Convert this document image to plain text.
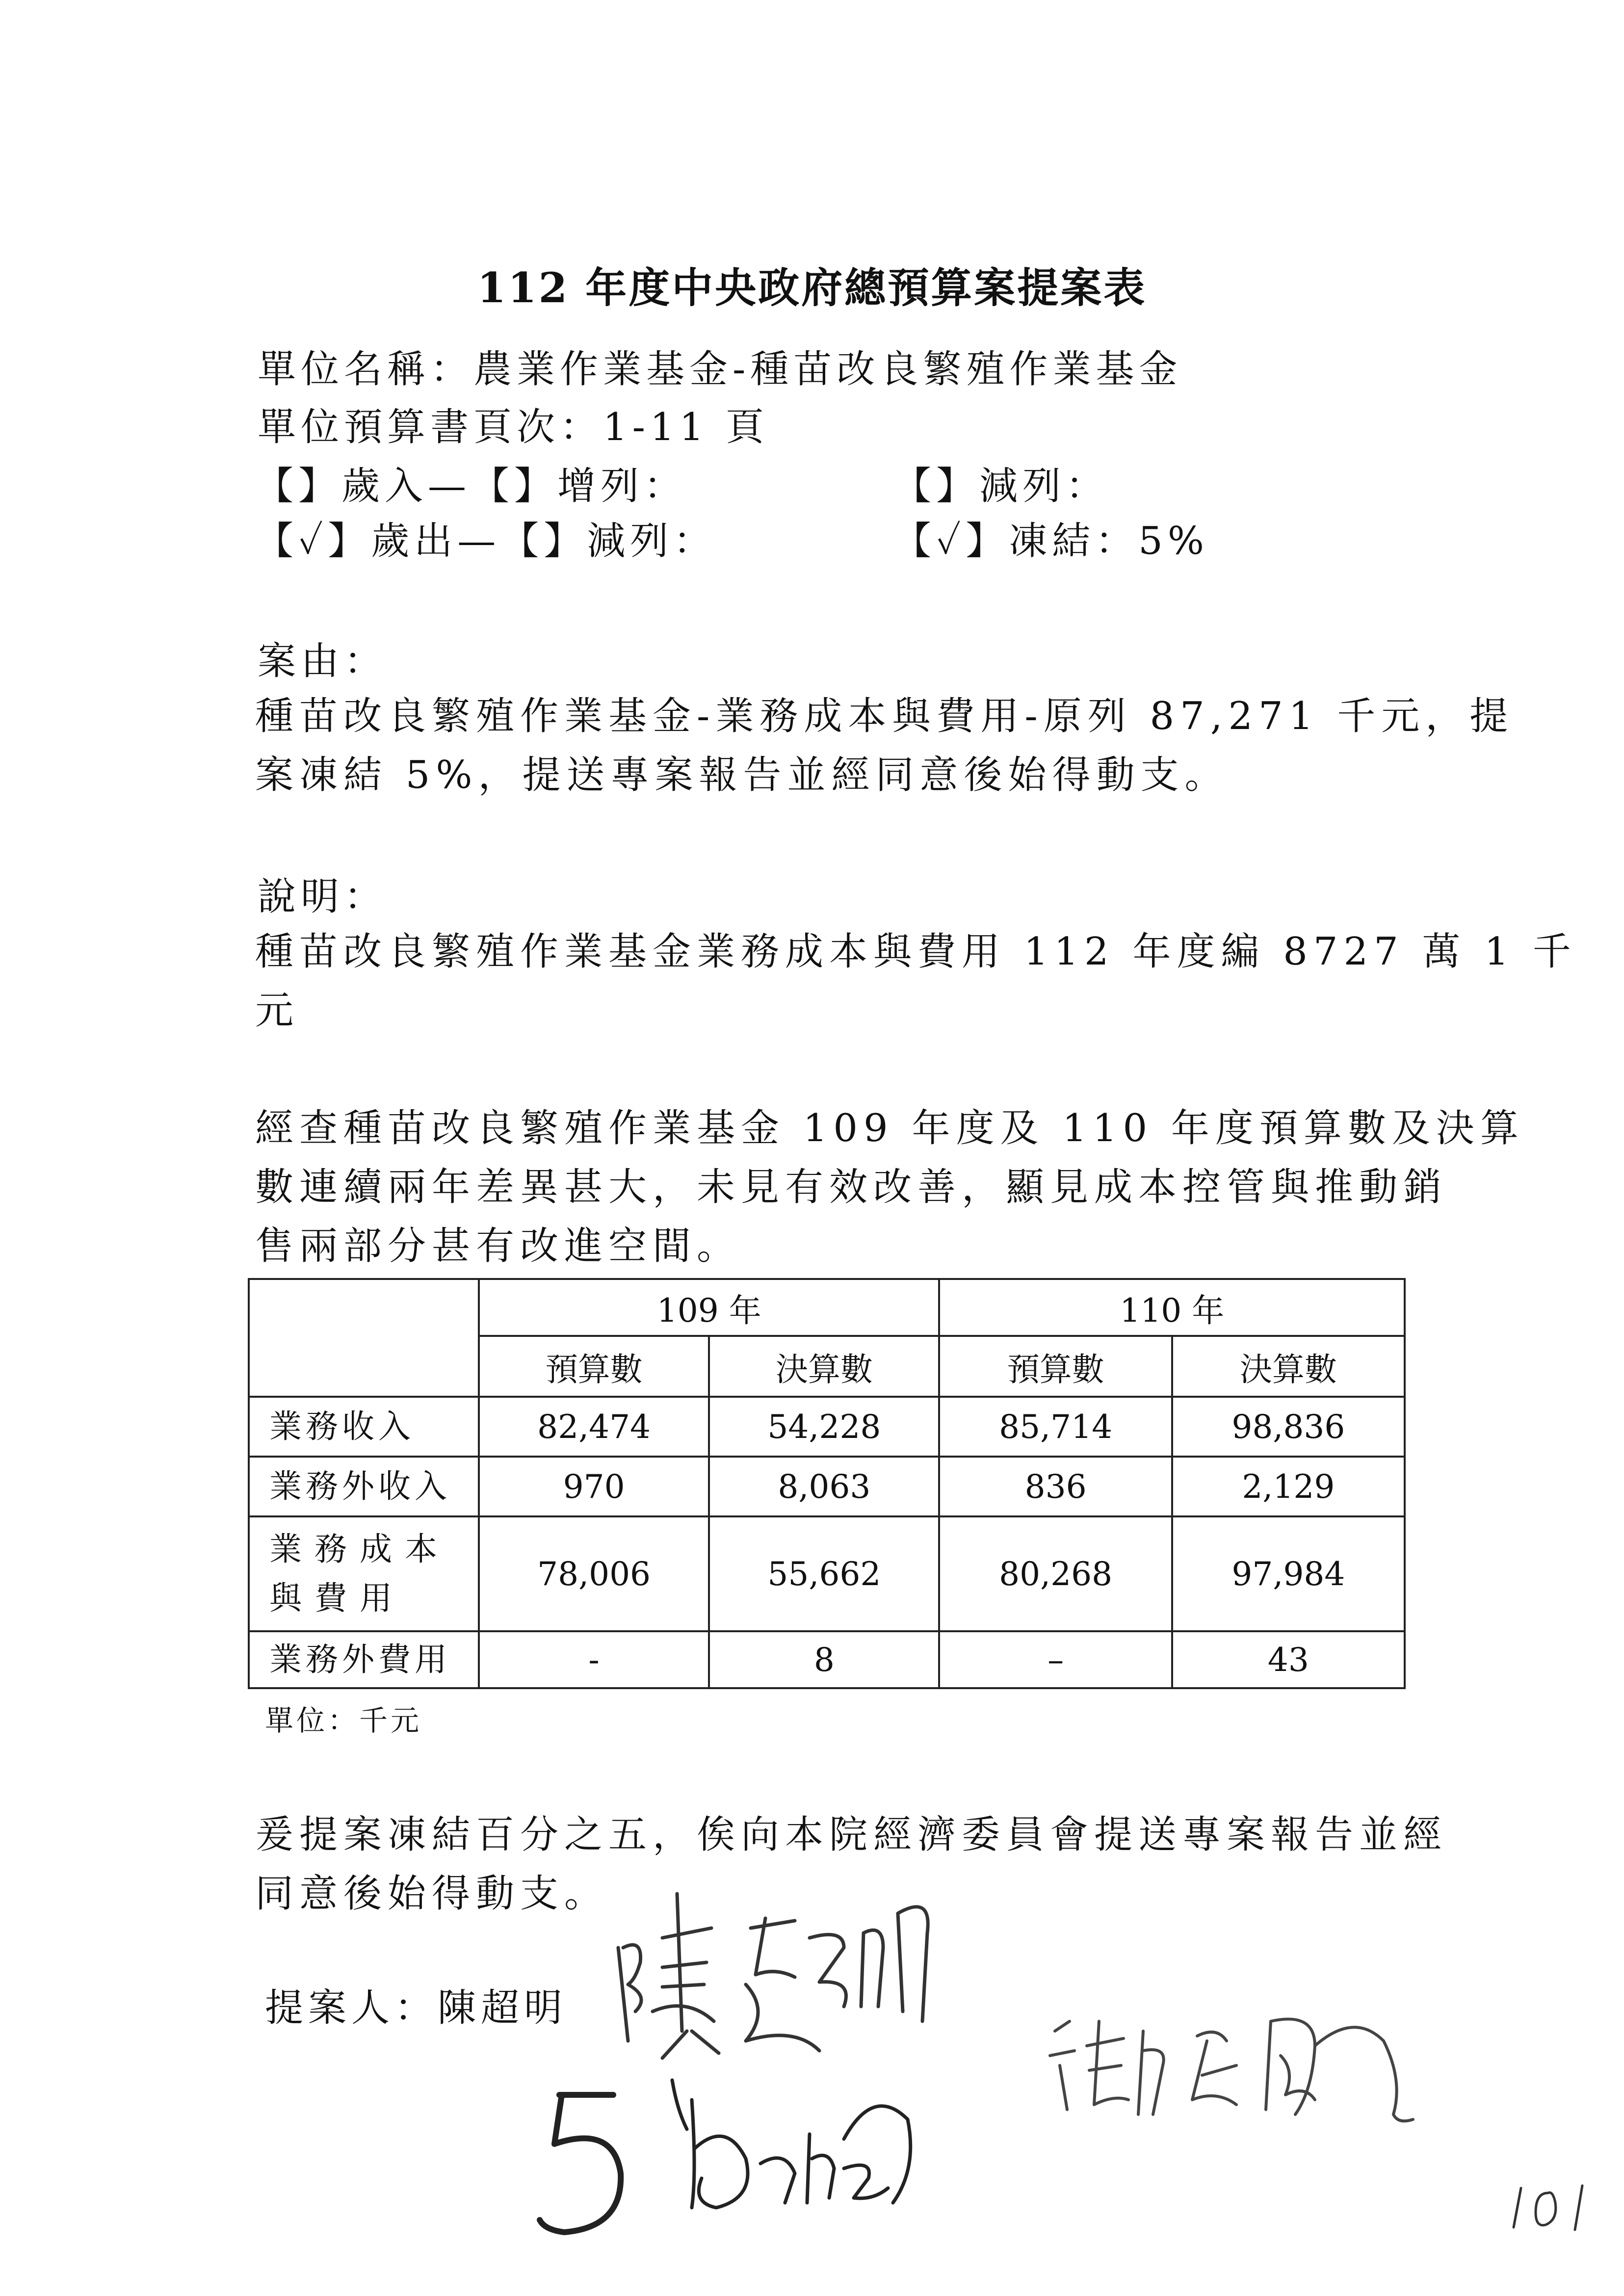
112 年度中央政府總預算案提案表
單位名稱：農業作業基金-種苗改良繁殖作業基金
單位預算書頁次：1-11 頁
【】歲入—【】增列：	【】減列：
【✓】歲出—【】減列：	【✓】凍結：5%
案由：
種苗改良繁殖作業基金-業務成本與費用-原列 87,271 千元，提
案凍結 5%，提送專案報告並經同意後始得動支。
說明：
種苗改良繁殖作業基金業務成本與費用 112 年度編 8727 萬 1 千
元
經查種苗改良繁殖作業基金 109 年度及 110 年度預算數及決算
數連續兩年差異甚大，未見有效改善，顯見成本控管與推動銷
售兩部分甚有改進空間。
	109 年		110 年	
	預算數	決算數	預算數	決算數
業務收入	82,474	54,228	85,714	98,836
業務外收入	970	8,063	836	2,129
業務成本與費用	78,006	55,662	80,268	97,984
業務外費用	-	8	–	43
單位：千元
爰提案凍結百分之五，俟向本院經濟委員會提送專案報告並經
同意後始得動支。
提案人：陳超明
